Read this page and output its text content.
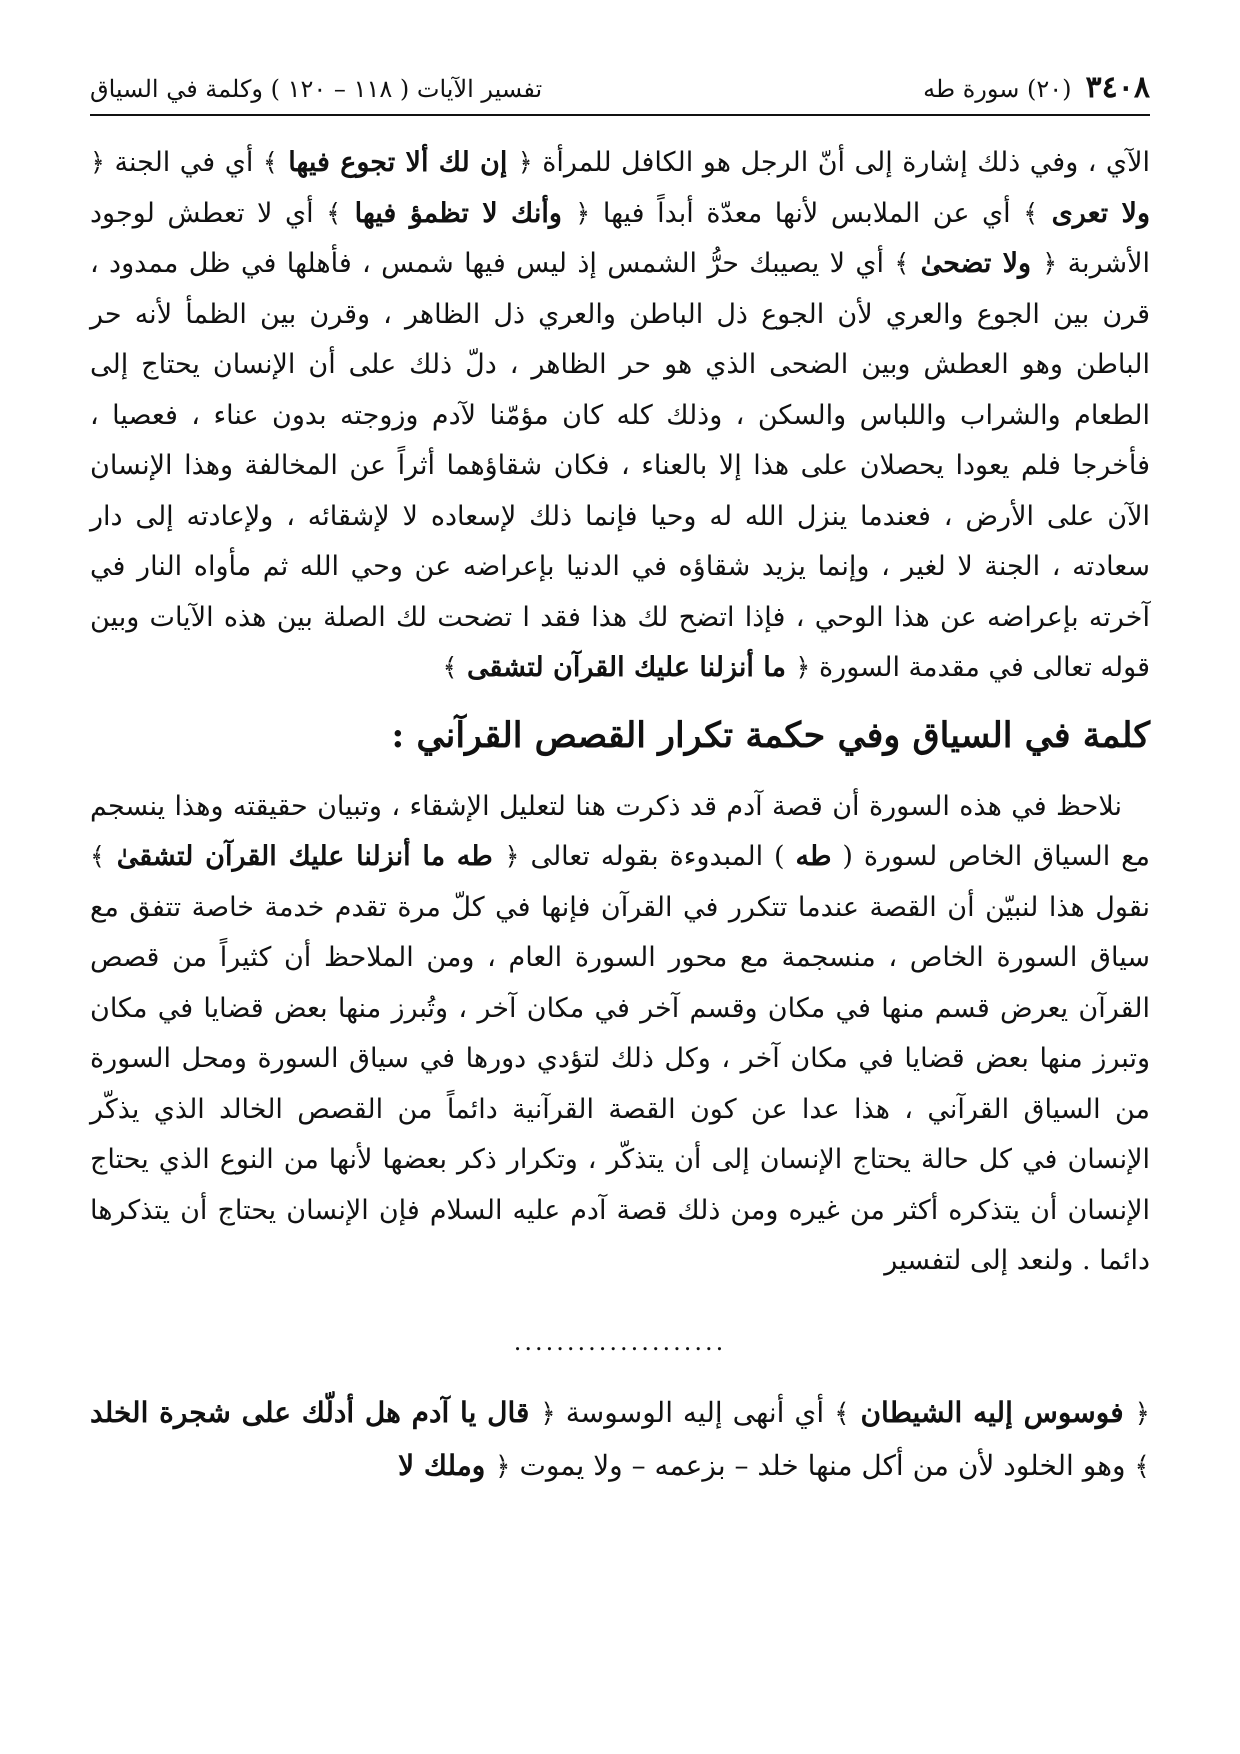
٣٤٠٨
(٢٠) سورة طه
تفسير الآيات ( ١١٨ – ١٢٠ ) وكلمة في السياق

الآي ، وفي ذلك إشارة إلى أنّ الرجل هو الكافل للمرأة ﴿ إن لك ألا تجوع فيها ﴾ أي في الجنة ﴿ ولا تعرى ﴾ أي عن الملابس لأنها معدّة أبداً فيها ﴿ وأنك لا تظمؤ فيها ﴾ أي لا تعطش لوجود الأشربة ﴿ ولا تضحىٰ ﴾ أي لا يصيبك حرُّ الشمس إذ ليس فيها شمس ، فأهلها في ظل ممدود ، قرن بين الجوع والعري لأن الجوع ذل الباطن والعري ذل الظاهر ، وقرن بين الظمأ لأنه حر الباطن وهو العطش وبين الضحى الذي هو حر الظاهر ، دلّ ذلك على أن الإنسان يحتاج إلى الطعام والشراب واللباس والسكن ، وذلك كله كان مؤمّنا لآدم وزوجته بدون عناء ، فعصيا ، فأخرجا فلم يعودا يحصلان على هذا إلا بالعناء ، فكان شقاؤهما أثراً عن المخالفة وهذا الإنسان الآن على الأرض ، فعندما ينزل الله له وحيا فإنما ذلك لإسعاده لا لإشقائه ، ولإعادته إلى دار سعادته ، الجنة لا لغير ، وإنما يزيد شقاؤه في الدنيا بإعراضه عن وحي الله ثم مأواه النار في آخرته بإعراضه عن هذا الوحي ، فإذا اتضح لك هذا فقد ا تضحت لك الصلة بين هذه الآيات وبين قوله تعالى في مقدمة السورة ﴿ ما أنزلنا عليك القرآن لتشقى ﴾

كلمة في السياق وفي حكمة تكرار القصص القرآني :

نلاحظ في هذه السورة أن قصة آدم قد ذكرت هنا لتعليل الإشقاء ، وتبيان حقيقته وهذا ينسجم مع السياق الخاص لسورة ( طه ) المبدوءة بقوله تعالى ﴿ طه ما أنزلنا عليك القرآن لتشقىٰ ﴾ نقول هذا لنبيّن أن القصة عندما تتكرر في القرآن فإنها في كلّ مرة تقدم خدمة خاصة تتفق مع سياق السورة الخاص ، منسجمة مع محور السورة العام ، ومن الملاحظ أن كثيراً من قصص القرآن يعرض قسم منها في مكان وقسم آخر في مكان آخر ، وتُبرز منها بعض قضايا في مكان وتبرز منها بعض قضايا في مكان آخر ، وكل ذلك لتؤدي دورها في سياق السورة ومحل السورة من السياق القرآني ، هذا عدا عن كون القصة القرآنية دائماً من القصص الخالد الذي يذكّر الإنسان في كل حالة يحتاج الإنسان إلى أن يتذكّر ، وتكرار ذكر بعضها لأنها من النوع الذي يحتاج الإنسان أن يتذكره أكثر من غيره ومن ذلك قصة آدم عليه السلام فإن الإنسان يحتاج أن يتذكرها دائما . ولنعد إلى لتفسير

....................

﴿ فوسوس إليه الشيطان ﴾ أي أنهى إليه الوسوسة ﴿ قال يا آدم هل أدلّك على شجرة الخلد ﴾ وهو الخلود لأن من أكل منها خلد – بزعمه – ولا يموت ﴿ وملك لا
